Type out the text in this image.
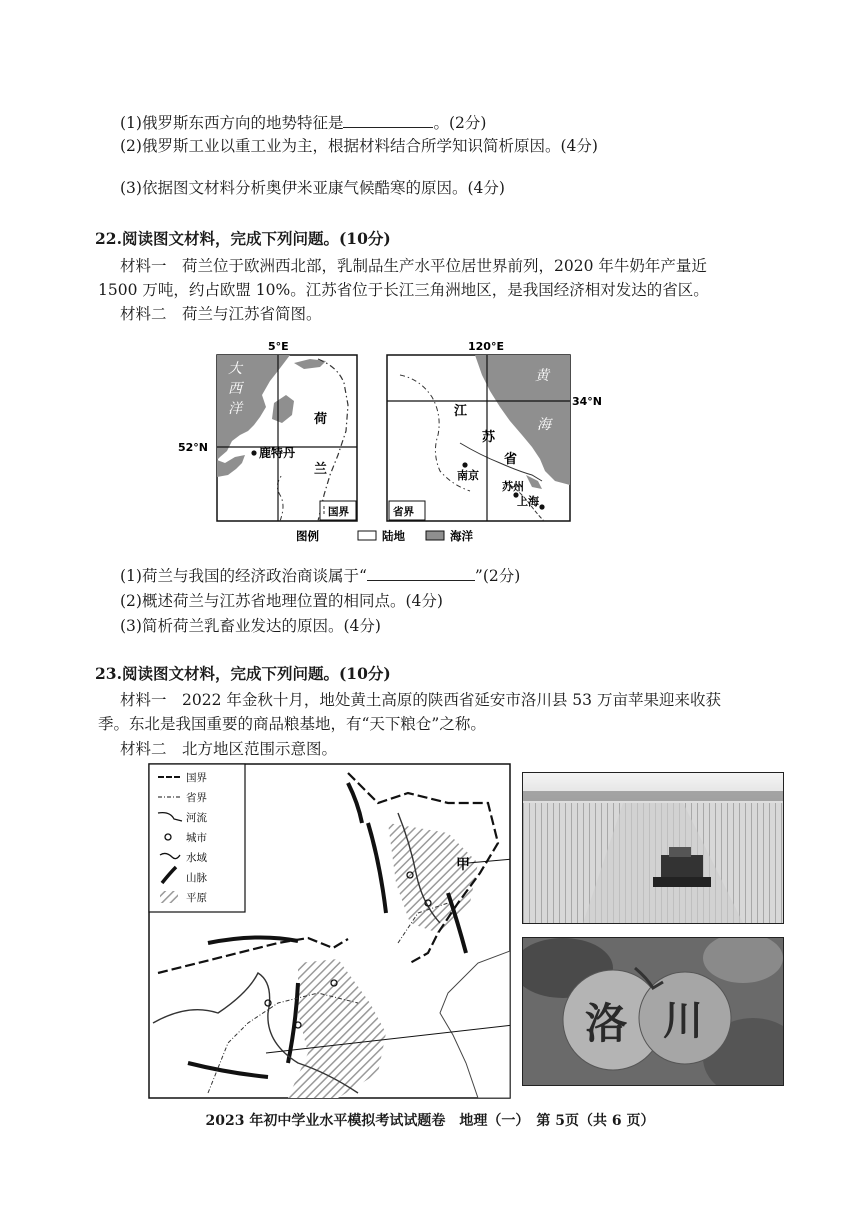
(1)俄罗斯东西方向的地势特征是	。(2分)
(2)俄罗斯工业以重工业为主，根据材料结合所学知识简析原因。(4分)
(3)依据图文材料分析奥伊米亚康气候酷寒的原因。(4分)
22.阅读图文材料，完成下列问题。(10分)
材料一　荷兰位于欧洲西北部，乳制品生产水平位居世界前列，2020 年牛奶年产量近
1500 万吨，约占欧盟 10%。江苏省位于长江三角洲地区，是我国经济相对发达的省区。
材料二　荷兰与江苏省简图。
5°E
52°N
大
西
洋
荷
兰
鹿特丹
国界
120°E
34°N
黄
海
江
苏
省
南京
苏州
上海
省界
图例	陆地	海洋
(1)荷兰与我国的经济政治商谈属于“	”(2分)
(2)概述荷兰与江苏省地理位置的相同点。(4分)
(3)简析荷兰乳畜业发达的原因。(4分)
23.阅读图文材料，完成下列问题。(10分)
材料一　2022 年金秋十月，地处黄土高原的陕西省延安市洛川县 53 万亩苹果迎来收获
季。东北是我国重要的商品粮基地，有“天下粮仓”之称。
材料二　北方地区范围示意图。
国界
省界
河流
城市
水域
山脉
平原
甲
洛 川
2023 年初中学业水平模拟考试试题卷　地理（一）　第 5页（共 6 页）
